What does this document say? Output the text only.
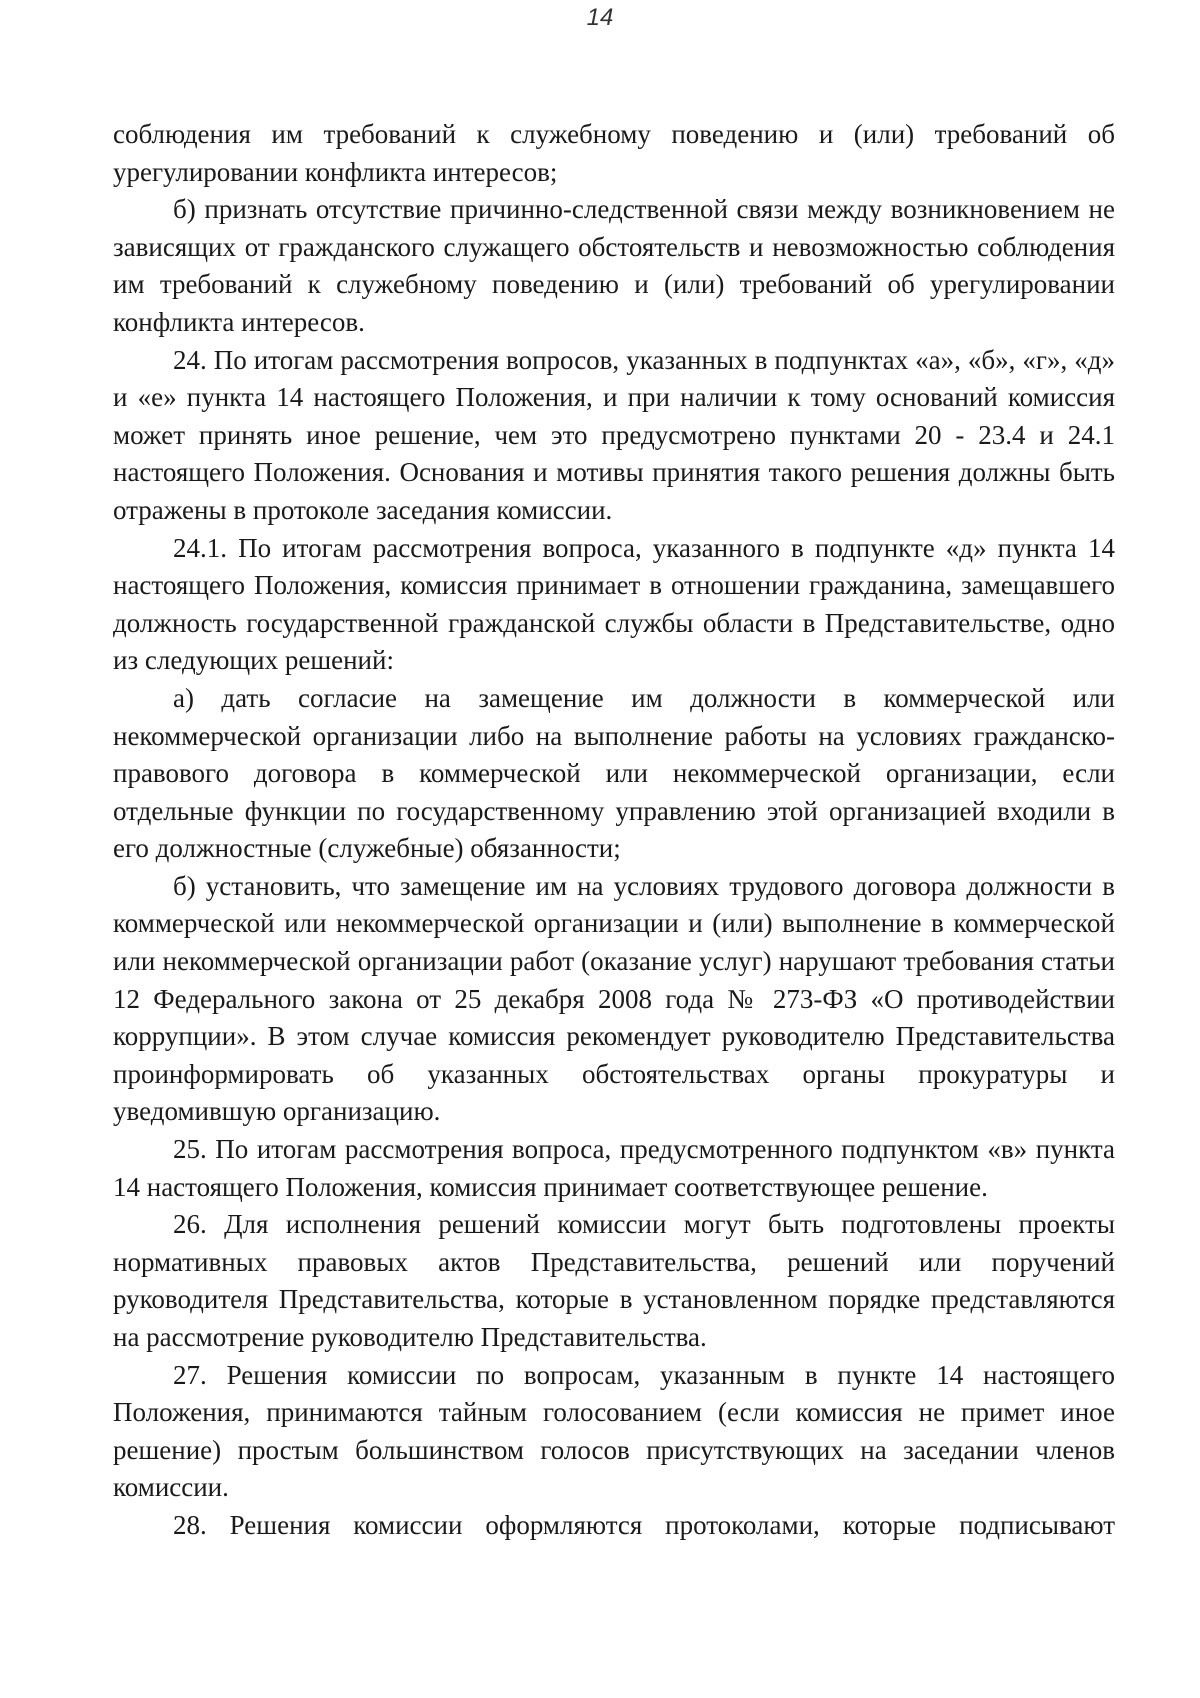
14

соблюдения им требований к служебному поведению и (или) требований об урегулировании конфликта интересов;

б) признать отсутствие причинно-следственной связи между возникновением не зависящих от гражданского служащего обстоятельств и невозможностью соблюдения им требований к служебному поведению и (или) требований об урегулировании конфликта интересов.

24. По итогам рассмотрения вопросов, указанных в подпунктах «а», «б», «г», «д» и «е» пункта 14 настоящего Положения, и при наличии к тому оснований комиссия может принять иное решение, чем это предусмотрено пунктами 20 - 23.4 и 24.1 настоящего Положения. Основания и мотивы принятия такого решения должны быть отражены в протоколе заседания комиссии.

24.1. По итогам рассмотрения вопроса, указанного в подпункте «д» пункта 14 настоящего Положения, комиссия принимает в отношении гражданина, замещавшего должность государственной гражданской службы области в Представительстве, одно из следующих решений:

а) дать согласие на замещение им должности в коммерческой или некоммерческой организации либо на выполнение работы на условиях гражданско-правового договора в коммерческой или некоммерческой организации, если отдельные функции по государственному управлению этой организацией входили в его должностные (служебные) обязанности;

б) установить, что замещение им на условиях трудового договора должности в коммерческой или некоммерческой организации и (или) выполнение в коммерческой или некоммерческой организации работ (оказание услуг) нарушают требования статьи 12 Федерального закона от 25 декабря 2008 года № 273-ФЗ «О противодействии коррупции». В этом случае комиссия рекомендует руководителю Представительства проинформировать об указанных обстоятельствах органы прокуратуры и уведомившую организацию.

25. По итогам рассмотрения вопроса, предусмотренного подпунктом «в» пункта 14 настоящего Положения, комиссия принимает соответствующее решение.

26. Для исполнения решений комиссии могут быть подготовлены проекты нормативных правовых актов Представительства, решений или поручений руководителя Представительства, которые в установленном порядке представляются на рассмотрение руководителю Представительства.

27. Решения комиссии по вопросам, указанным в пункте 14 настоящего Положения, принимаются тайным голосованием (если комиссия не примет иное решение) простым большинством голосов присутствующих на заседании членов комиссии.

28. Решения комиссии оформляются протоколами, которые подписывают
